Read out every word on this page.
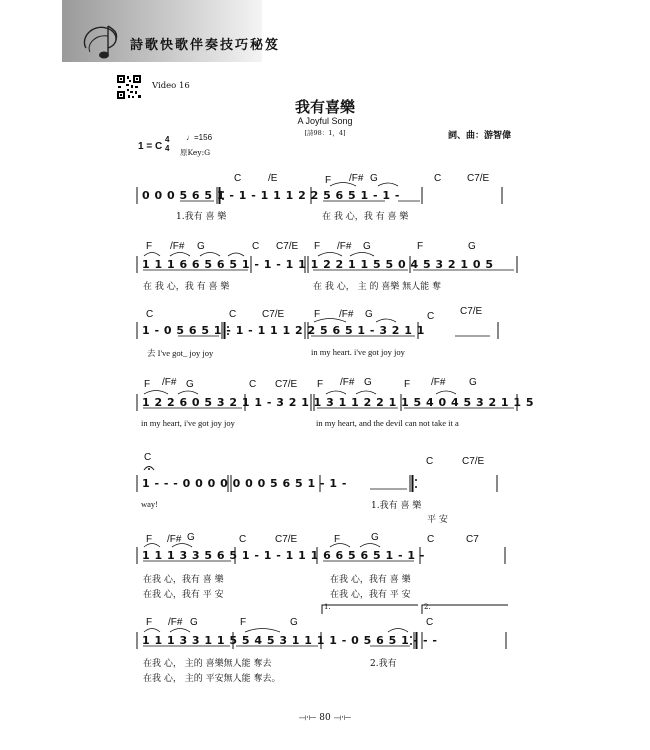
詩歌快歌伴奏技巧秘笈
Video 16
我有喜樂
A Joyful Song
[詩98：1，4]
1 = C
4
4
♩=156
原Key:G
詞、曲：游智偉
C	/E	F /F# G	C	C7/E
0 0 0 5 6 5 1 - 1 - 1 1 1 2 2 5 6 5 1 - 1 -
1.我有 喜 樂	在 我 心，我 有 喜 樂
F /F# G	C C7/E F /F# G	F	G
1 1 1 6 6 5 6 5 1 - 1 - 1 1 1 2 2 1 1 5 5 0 4 5 3 2 1 0 5
在 我 心，我 有 喜 樂	在 我 心， 主 的 喜樂 無人能 奪
C	C	C7/E	F /F# G	C	C7/E
1 - 0 5 6 5 1 - 1 - 1 1 1 2 2 5 6 5 1 - 3 2 1 1
去 I've got_ joy joy	in my heart. i've got joy joy
F /F# G	C C7/E F /F# G	F /F# G
1 2 2 6 0 5 3 2 1 1 - 3 2 1 1 3 1 1 2 2 1 1 5 4 0 4 5 3 2 1 1 5
in my heart, i've got joy joy	in my heart, and the devil can not take it a
C	C	C7/E
1 - - - 0 0 0 0 0 0 0 5 6 5 1 - 1 -
way!	1.我有 喜 樂
平 安
F /F# G	C	C7/E	F	G	C	C7
1 1 1 3 3 5 6 5 1 - 1 - 1 1 1 6 6 5 6 5 1 - 1 -
在我 心，我有 喜 樂	在我 心，我有 喜 樂
在我 心，我有 平 安	在我 心，我有 平 安
1.	2.
F /F# G	F	G	C
1 1 1 3 3 1 1 5 5 4 5 3 1 1 1 1 - 0 5 6 5 1 - - -
在我 心， 主的 喜樂無人能 奪去	2.我有
在我 心， 主的 平安無人能 奪去。
⟞·⟝ 80 ⟞·⟝
